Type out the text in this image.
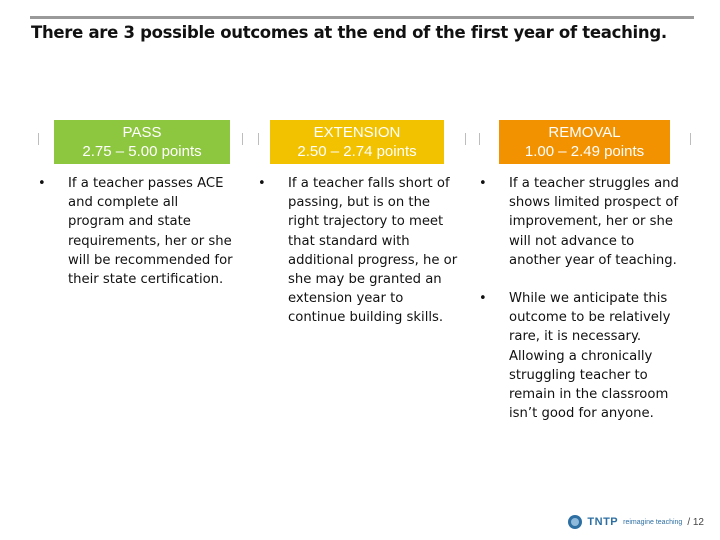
There are 3 possible outcomes at the end of the first year of teaching.
PASS
2.75 – 5.00 points
• If a teacher passes ACE and complete all program and state requirements, her or she will be recommended for their state certification.
EXTENSION
2.50 – 2.74 points
• If a teacher falls short of passing, but is on the right trajectory to meet that standard with additional progress, he or she may be granted an extension year to continue building skills.
REMOVAL
1.00 – 2.49 points
• If a teacher struggles and shows limited prospect of improvement, her or she will not advance to another year of teaching.
• While we anticipate this outcome to be relatively rare, it is necessary. Allowing a chronically struggling teacher to remain in the classroom isn’t good for anyone.
TNTP reimagine teaching / 12
